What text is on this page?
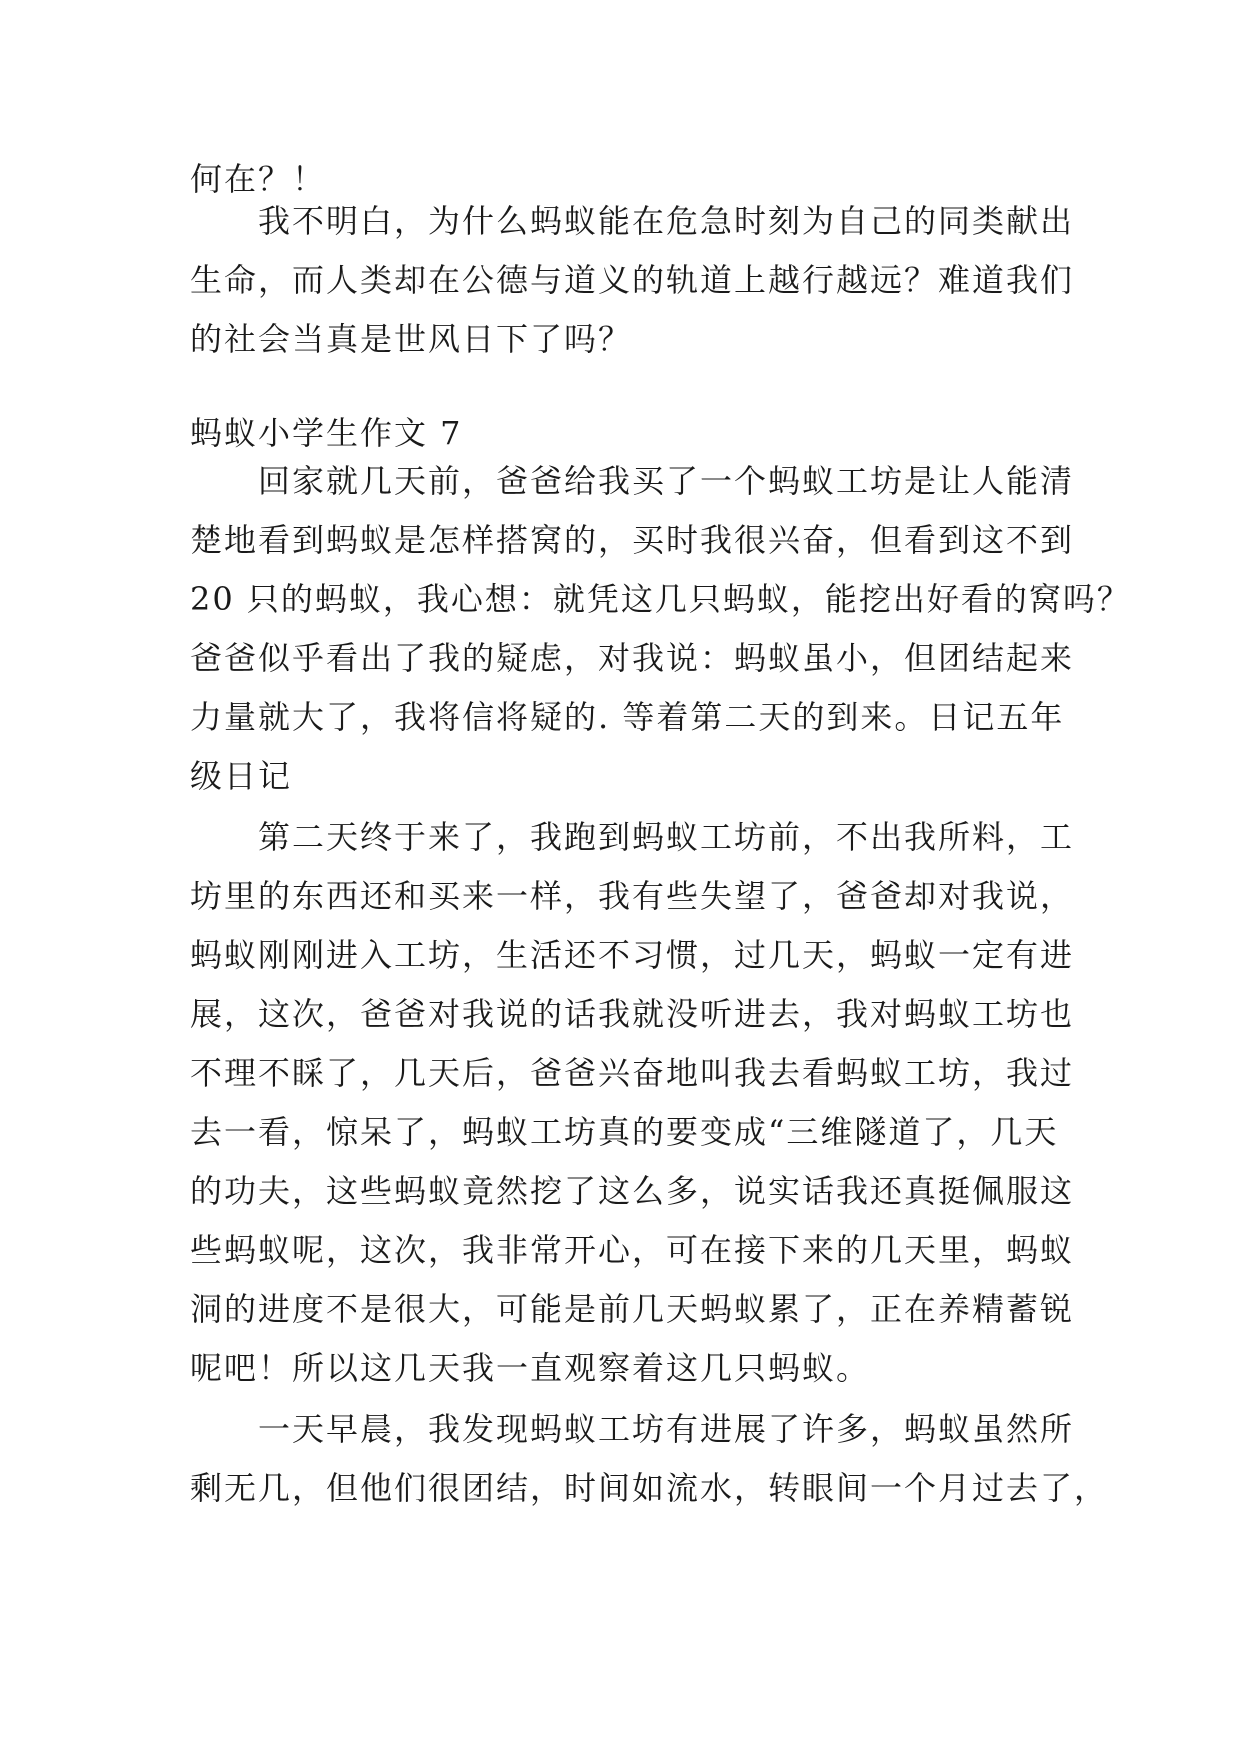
何在？！
我不明白，为什么蚂蚁能在危急时刻为自己的同类献出
生命，而人类却在公德与道义的轨道上越行越远？难道我们
的社会当真是世风日下了吗？
蚂蚁小学生作文 7
回家就几天前，爸爸给我买了一个蚂蚁工坊是让人能清
楚地看到蚂蚁是怎样搭窝的，买时我很兴奋，但看到这不到
20 只的蚂蚁，我心想：就凭这几只蚂蚁，能挖出好看的窝吗？
爸爸似乎看出了我的疑虑，对我说：蚂蚁虽小，但团结起来
力量就大了，我将信将疑的. 等着第二天的到来。日记五年
级日记
第二天终于来了，我跑到蚂蚁工坊前，不出我所料，工
坊里的东西还和买来一样，我有些失望了，爸爸却对我说，
蚂蚁刚刚进入工坊，生活还不习惯，过几天，蚂蚁一定有进
展，这次，爸爸对我说的话我就没听进去，我对蚂蚁工坊也
不理不睬了，几天后，爸爸兴奋地叫我去看蚂蚁工坊，我过
去一看，惊呆了，蚂蚁工坊真的要变成“三维隧道了，几天
的功夫，这些蚂蚁竟然挖了这么多，说实话我还真挺佩服这
些蚂蚁呢，这次，我非常开心，可在接下来的几天里，蚂蚁
洞的进度不是很大，可能是前几天蚂蚁累了，正在养精蓄锐
呢吧！所以这几天我一直观察着这几只蚂蚁。
一天早晨，我发现蚂蚁工坊有进展了许多，蚂蚁虽然所
剩无几，但他们很团结，时间如流水，转眼间一个月过去了，
